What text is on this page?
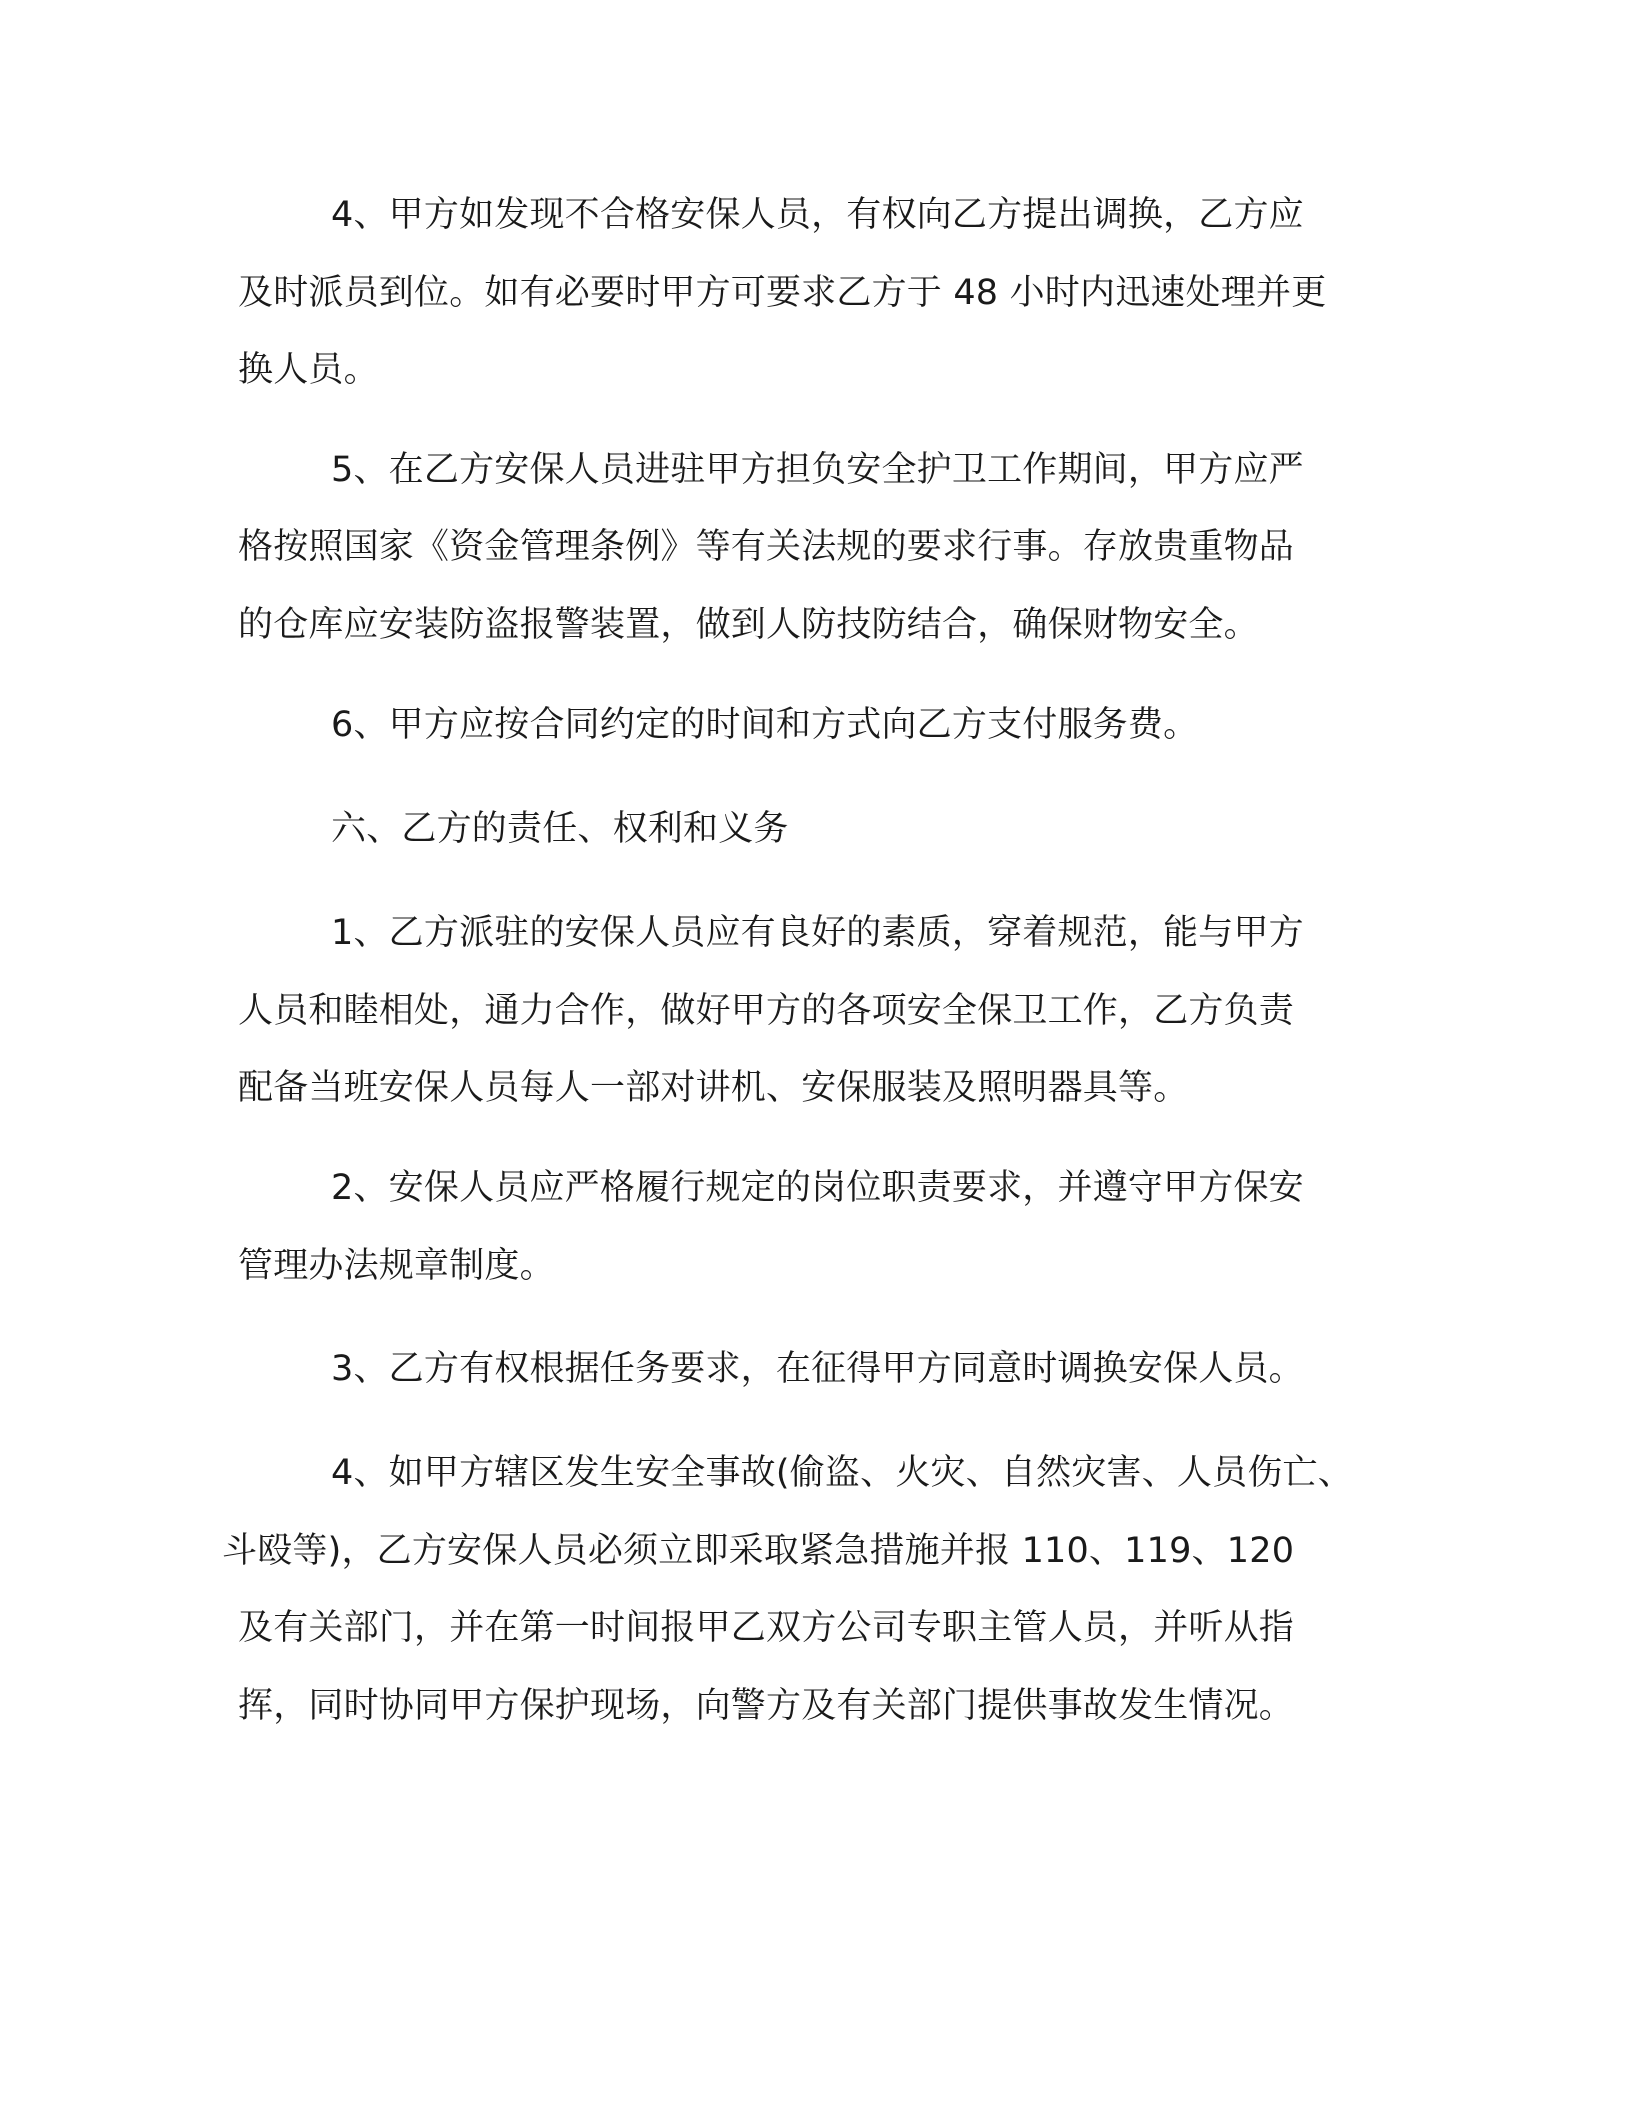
4、甲方如发现不合格安保人员，有权向乙方提出调换，乙方应

及时派员到位。如有必要时甲方可要求乙方于 48 小时内迅速处理并更

换人员。

5、在乙方安保人员进驻甲方担负安全护卫工作期间，甲方应严

格按照国家《资金管理条例》等有关法规的要求行事。存放贵重物品

的仓库应安装防盗报警装置，做到人防技防结合，确保财物安全。

6、甲方应按合同约定的时间和方式向乙方支付服务费。

六、乙方的责任、权利和义务

1、乙方派驻的安保人员应有良好的素质，穿着规范，能与甲方

人员和睦相处，通力合作，做好甲方的各项安全保卫工作，乙方负责

配备当班安保人员每人一部对讲机、安保服装及照明器具等。

2、安保人员应严格履行规定的岗位职责要求，并遵守甲方保安

管理办法规章制度。

3、乙方有权根据任务要求，在征得甲方同意时调换安保人员。

4、如甲方辖区发生安全事故(偷盗、火灾、自然灾害、人员伤亡、

斗殴等)，乙方安保人员必须立即采取紧急措施并报 110、119、120

及有关部门，并在第一时间报甲乙双方公司专职主管人员，并听从指

挥，同时协同甲方保护现场，向警方及有关部门提供事故发生情况。
